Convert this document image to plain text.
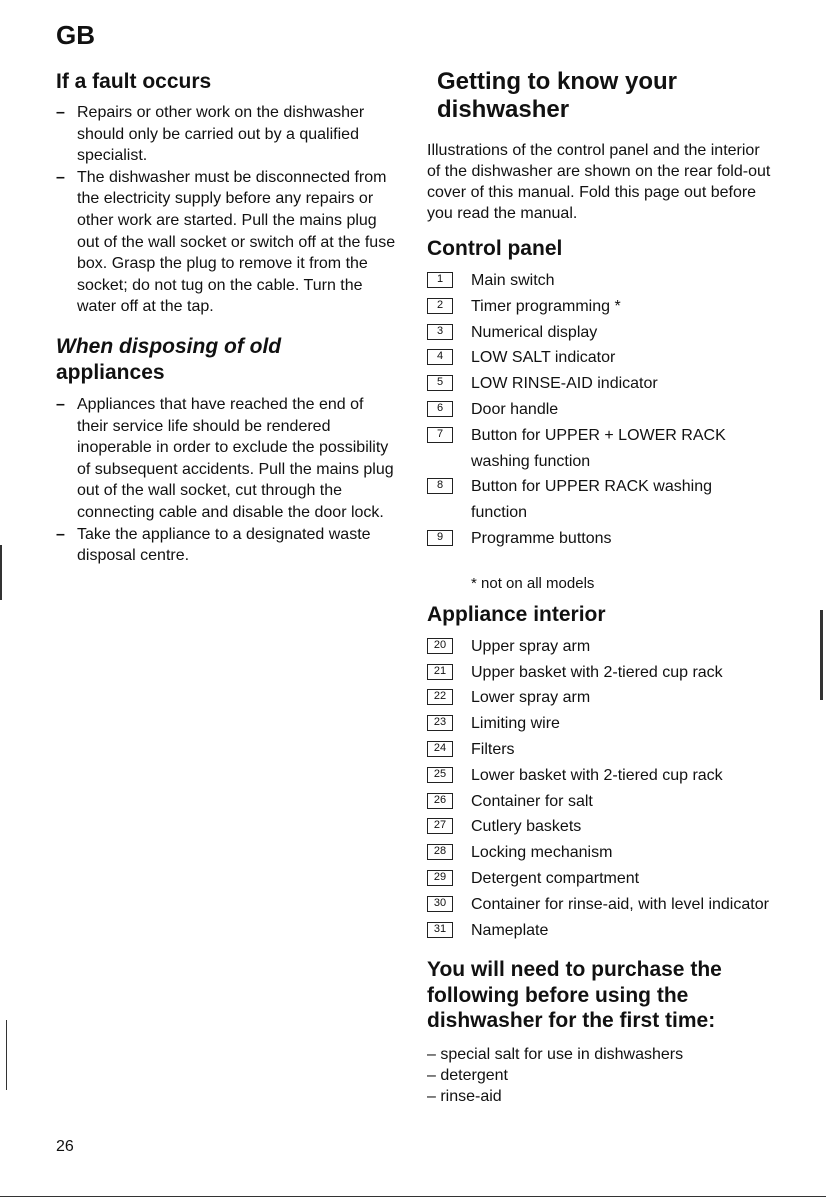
GB
If a fault occurs
– Repairs or other work on the dishwasher should only be carried out by a qualified specialist.
– The dishwasher must be disconnected from the electricity supply before any repairs or other work are started. Pull the mains plug out of the wall socket or switch off at the fuse box. Grasp the plug to remove it from the socket; do not tug on the cable. Turn the water off at the tap.
When disposing of old
appliances
– Appliances that have reached the end of their service life should be rendered inoperable in order to exclude the possibility of subsequent accidents. Pull the mains plug out of the wall socket, cut through the connecting cable and disable the door lock.
– Take the appliance to a designated waste disposal centre.
Getting to know your
dishwasher

Illustrations of the control panel and the interior of the dishwasher are shown on the rear fold-out cover of this manual. Fold this page out before you read the manual.

Control panel
1	Main switch
2	Timer programming *
3	Numerical display
4	LOW SALT indicator
5	LOW RINSE-AID indicator
6	Door handle
7	Button for UPPER + LOWER RACK washing function
8	Button for UPPER RACK washing function
9	Programme buttons

* not on all models

Appliance interior
20	Upper spray arm
21	Upper basket with 2-tiered cup rack
22	Lower spray arm
23	Limiting wire
24	Filters
25	Lower basket with 2-tiered cup rack
26	Container for salt
27	Cutlery baskets
28	Locking mechanism
29	Detergent compartment
30	Container for rinse-aid, with level indicator
31	Nameplate
You will need to purchase the following before using the dishwasher for the first time:
– special salt for use in dishwashers
– detergent
– rinse-aid
26
